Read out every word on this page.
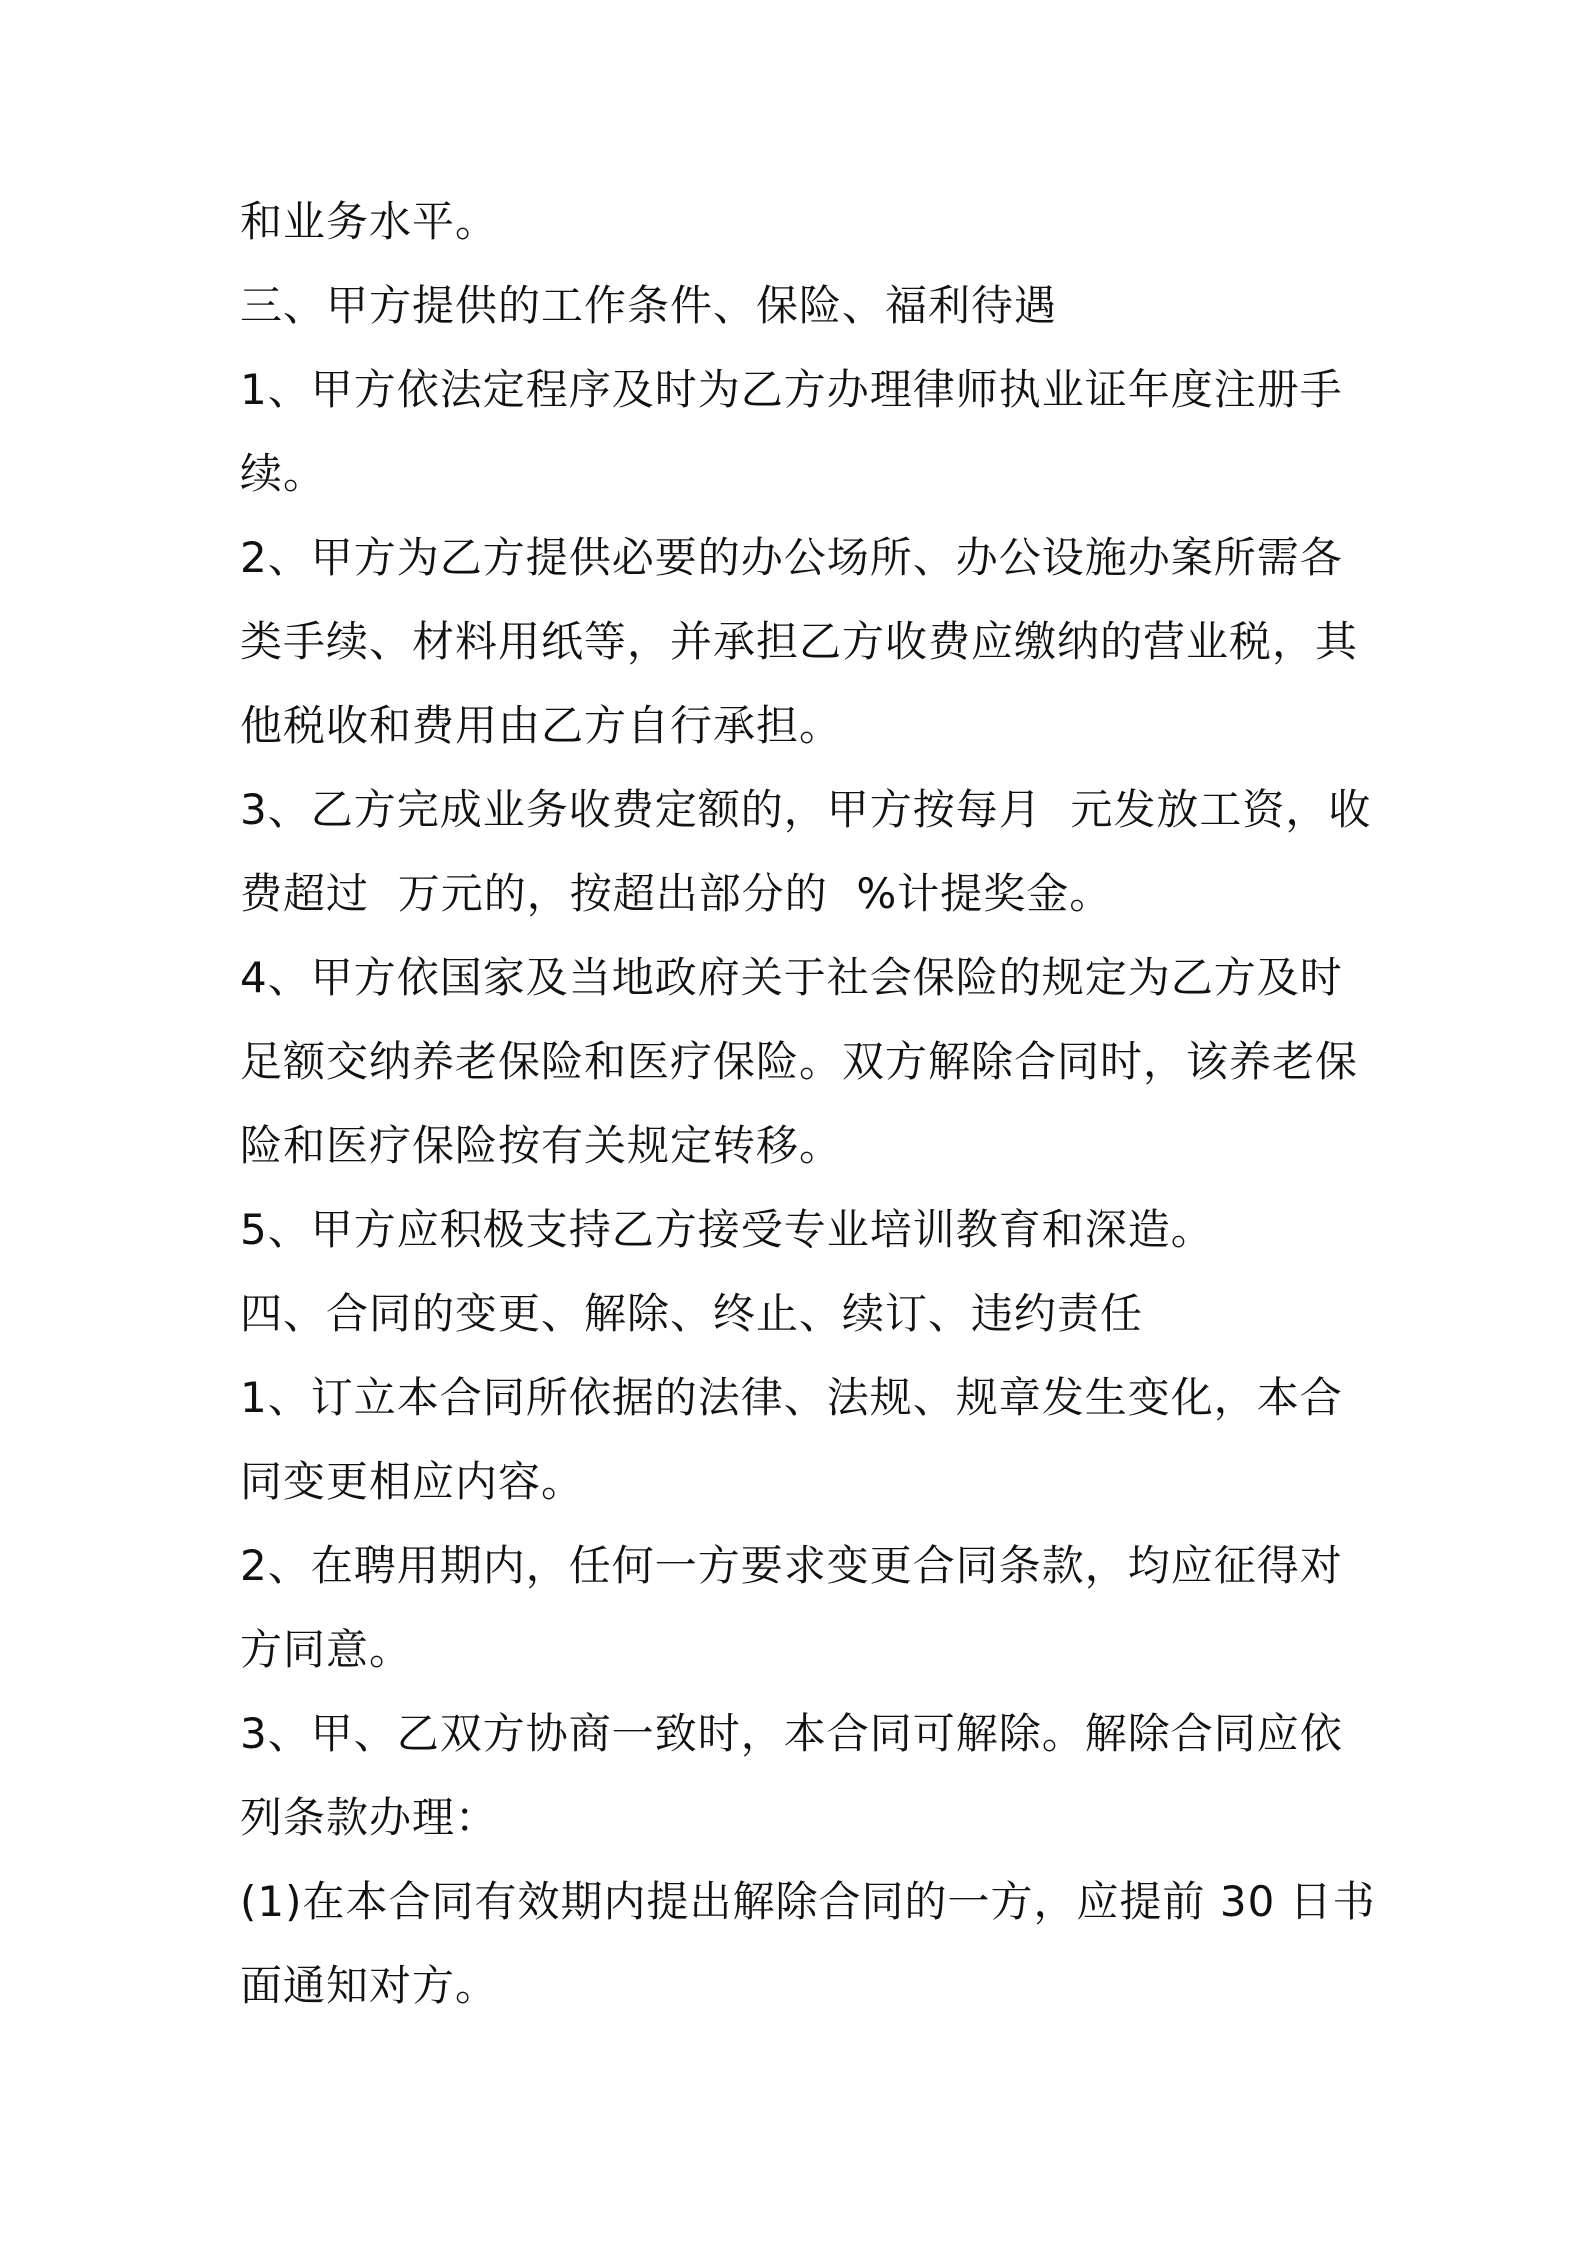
和业务水平。
三、甲方提供的工作条件、保险、福利待遇
1、甲方依法定程序及时为乙方办理律师执业证年度注册手
续。
2、甲方为乙方提供必要的办公场所、办公设施办案所需各
类手续、材料用纸等，并承担乙方收费应缴纳的营业税，其
他税收和费用由乙方自行承担。
3、乙方完成业务收费定额的，甲方按每月  元发放工资，收
费超过  万元的，按超出部分的  %计提奖金。
4、甲方依国家及当地政府关于社会保险的规定为乙方及时
足额交纳养老保险和医疗保险。双方解除合同时，该养老保
险和医疗保险按有关规定转移。
5、甲方应积极支持乙方接受专业培训教育和深造。
四、合同的变更、解除、终止、续订、违约责任
1、订立本合同所依据的法律、法规、规章发生变化，本合
同变更相应内容。
2、在聘用期内，任何一方要求变更合同条款，均应征得对
方同意。
3、甲、乙双方协商一致时，本合同可解除。解除合同应依
列条款办理：
(1)在本合同有效期内提出解除合同的一方，应提前 30 日书
面通知对方。
